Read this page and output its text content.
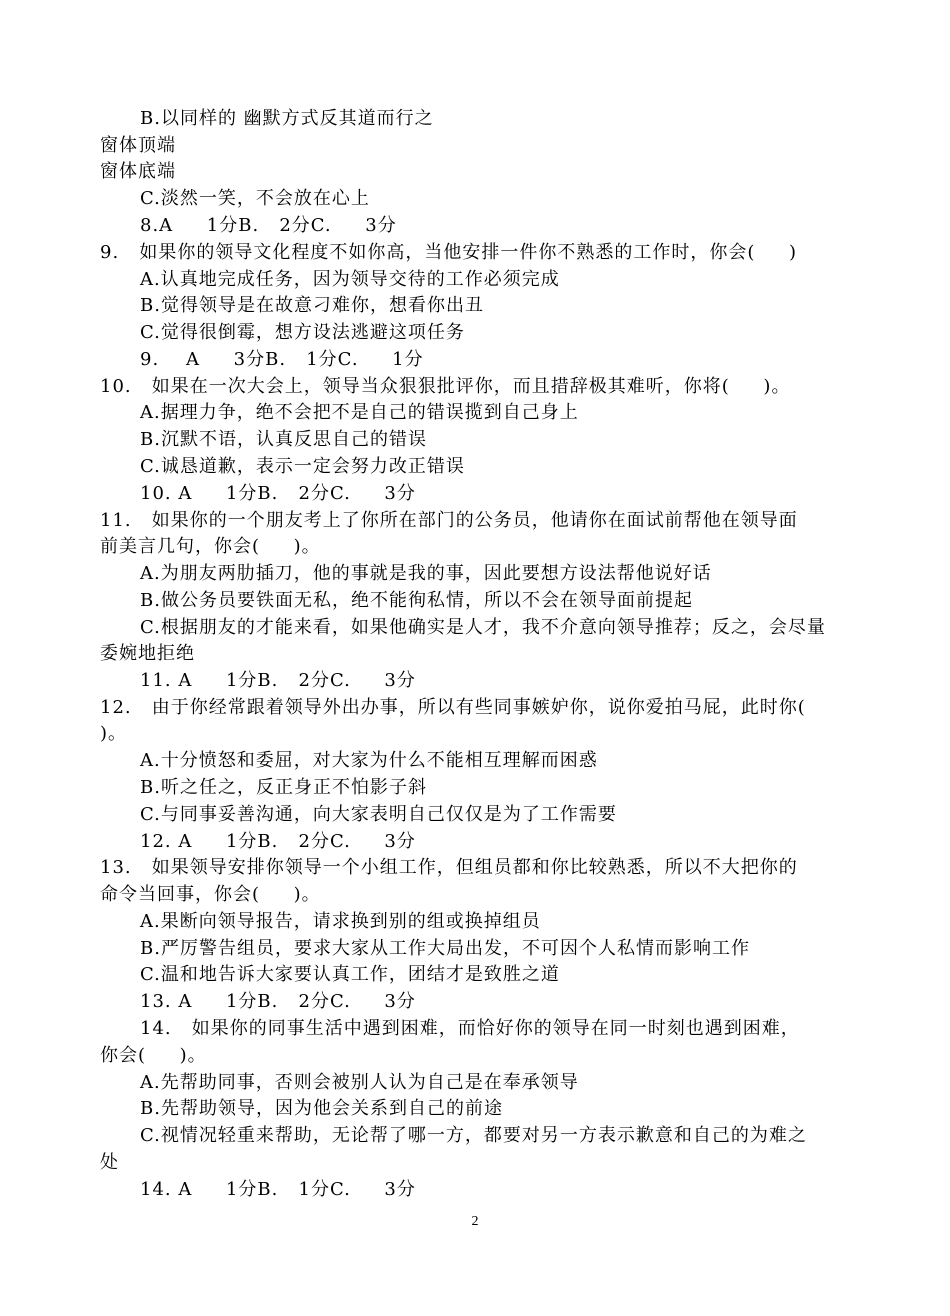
B.以同样的 幽默方式反其道而行之
窗体顶端
窗体底端
C.淡然一笑，不会放在心上
8.A     1分B.   2分C.     3分
9.   如果你的领导文化程度不如你高，当他安排一件你不熟悉的工作时，你会(     )
A.认真地完成任务，因为领导交待的工作必须完成
B.觉得领导是在故意刁难你，想看你出丑
C.觉得很倒霉，想方设法逃避这项任务
9.    A     3分B.   1分C.     1分
10.   如果在一次大会上，领导当众狠狠批评你，而且措辞极其难听，你将(     )。
A.据理力争，绝不会把不是自己的错误揽到自己身上
B.沉默不语，认真反思自己的错误
C.诚恳道歉，表示一定会努力改正错误
10. A     1分B.   2分C.     3分
11.   如果你的一个朋友考上了你所在部门的公务员，他请你在面试前帮他在领导面
前美言几句，你会(     )。
A.为朋友两肋插刀，他的事就是我的事，因此要想方设法帮他说好话
B.做公务员要铁面无私，绝不能徇私情，所以不会在领导面前提起
C.根据朋友的才能来看，如果他确实是人才，我不介意向领导推荐；反之，会尽量
委婉地拒绝
11. A     1分B.   2分C.     3分
12.   由于你经常跟着领导外出办事，所以有些同事嫉妒你，说你爱拍马屁，此时你(
)。
A.十分愤怒和委屈，对大家为什么不能相互理解而困惑
B.听之任之，反正身正不怕影子斜
C.与同事妥善沟通，向大家表明自己仅仅是为了工作需要
12. A     1分B.   2分C.     3分
13.   如果领导安排你领导一个小组工作，但组员都和你比较熟悉，所以不大把你的
命令当回事，你会(     )。
A.果断向领导报告，请求换到别的组或换掉组员
B.严厉警告组员，要求大家从工作大局出发，不可因个人私情而影响工作
C.温和地告诉大家要认真工作，团结才是致胜之道
13. A     1分B.   2分C.     3分
14.   如果你的同事生活中遇到困难，而恰好你的领导在同一时刻也遇到困难，
你会(     )。
A.先帮助同事，否则会被别人认为自己是在奉承领导
B.先帮助领导，因为他会关系到自己的前途
C.视情况轻重来帮助，无论帮了哪一方，都要对另一方表示歉意和自己的为难之
处
14. A     1分B.   1分C.     3分
2
